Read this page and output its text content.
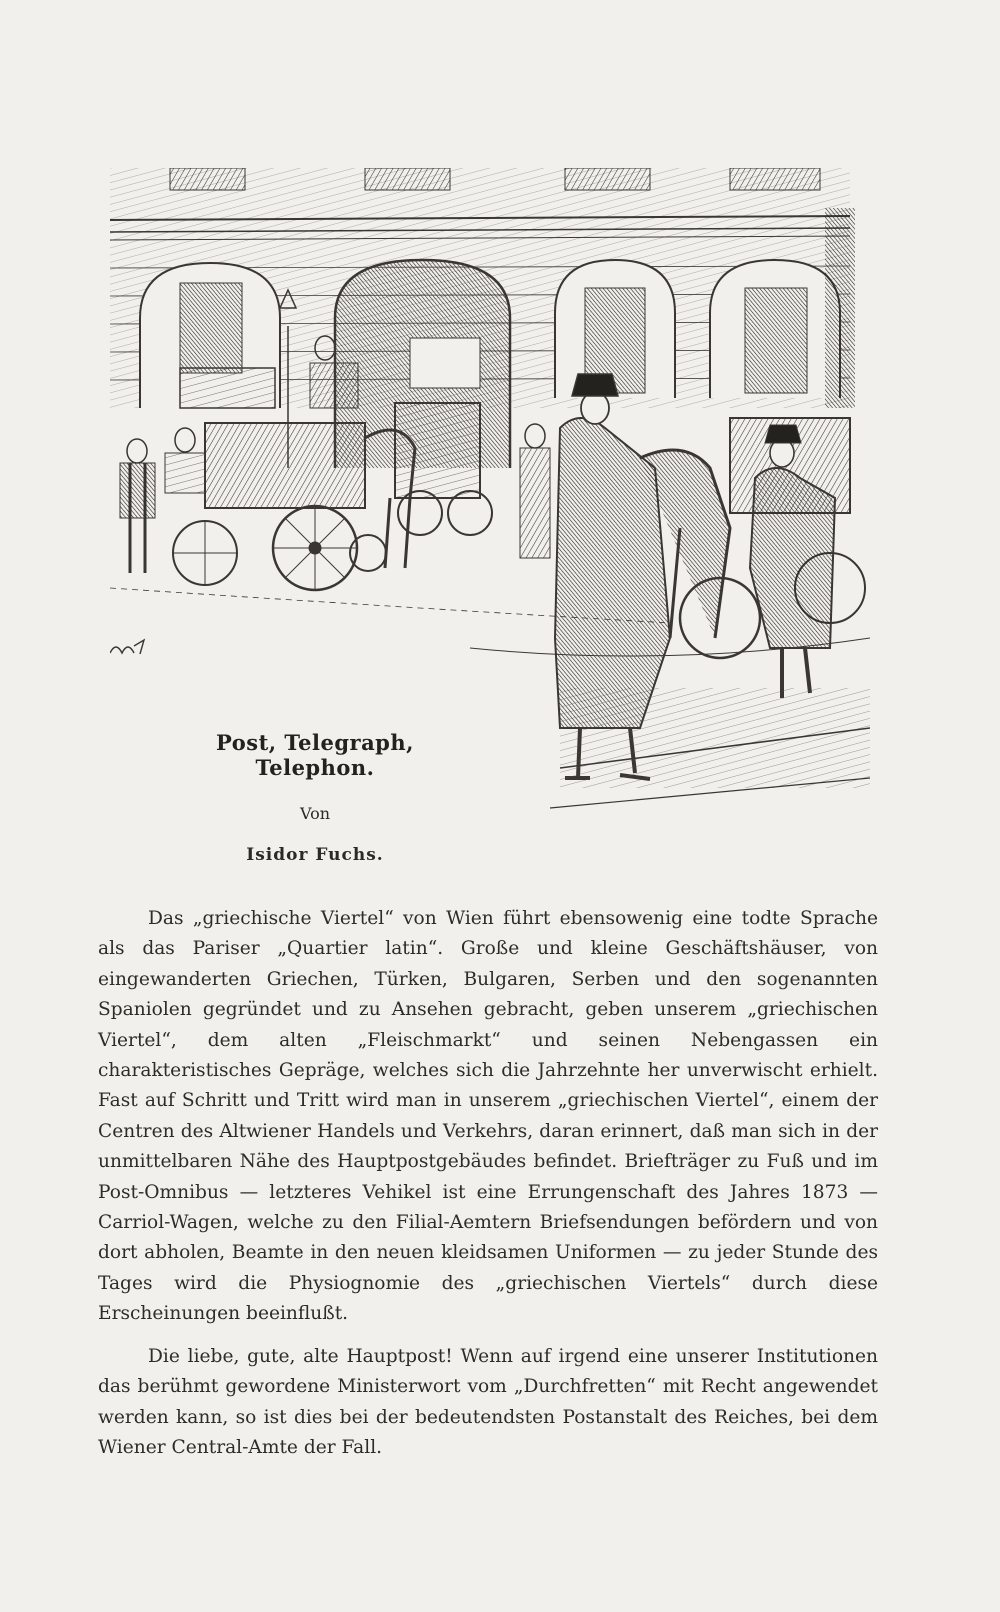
Post, Telegraph, Telephon.

Von

Isidor Fuchs.

Das „griechische Viertel“ von Wien führt ebensowenig eine todte Sprache als das Pariser „Quartier latin“. Große und kleine Geschäftshäuser, von eingewanderten Griechen, Türken, Bulgaren, Serben und den sogenannten Spaniolen gegründet und zu Ansehen gebracht, geben unserem „griechischen Viertel“, dem alten „Fleischmarkt“ und seinen Nebengassen ein charakteristisches Gepräge, welches sich die Jahrzehnte her unverwischt erhielt. Fast auf Schritt und Tritt wird man in unserem „griechischen Viertel“, einem der Centren des Altwiener Handels und Verkehrs, daran erinnert, daß man sich in der unmittelbaren Nähe des Hauptpostgebäudes befindet. Briefträger zu Fuß und im Post-Omnibus — letzteres Vehikel ist eine Errungenschaft des Jahres 1873 — Carriol-Wagen, welche zu den Filial-Aemtern Briefsendungen befördern und von dort abholen, Beamte in den neuen kleidsamen Uniformen — zu jeder Stunde des Tages wird die Physiognomie des „griechischen Viertels“ durch diese Erscheinungen beeinflußt.

Die liebe, gute, alte Hauptpost! Wenn auf irgend eine unserer Institutionen das berühmt gewordene Ministerwort vom „Durchfretten“ mit Recht angewendet werden kann, so ist dies bei der bedeutendsten Postanstalt des Reiches, bei dem Wiener Central-Amte der Fall.
